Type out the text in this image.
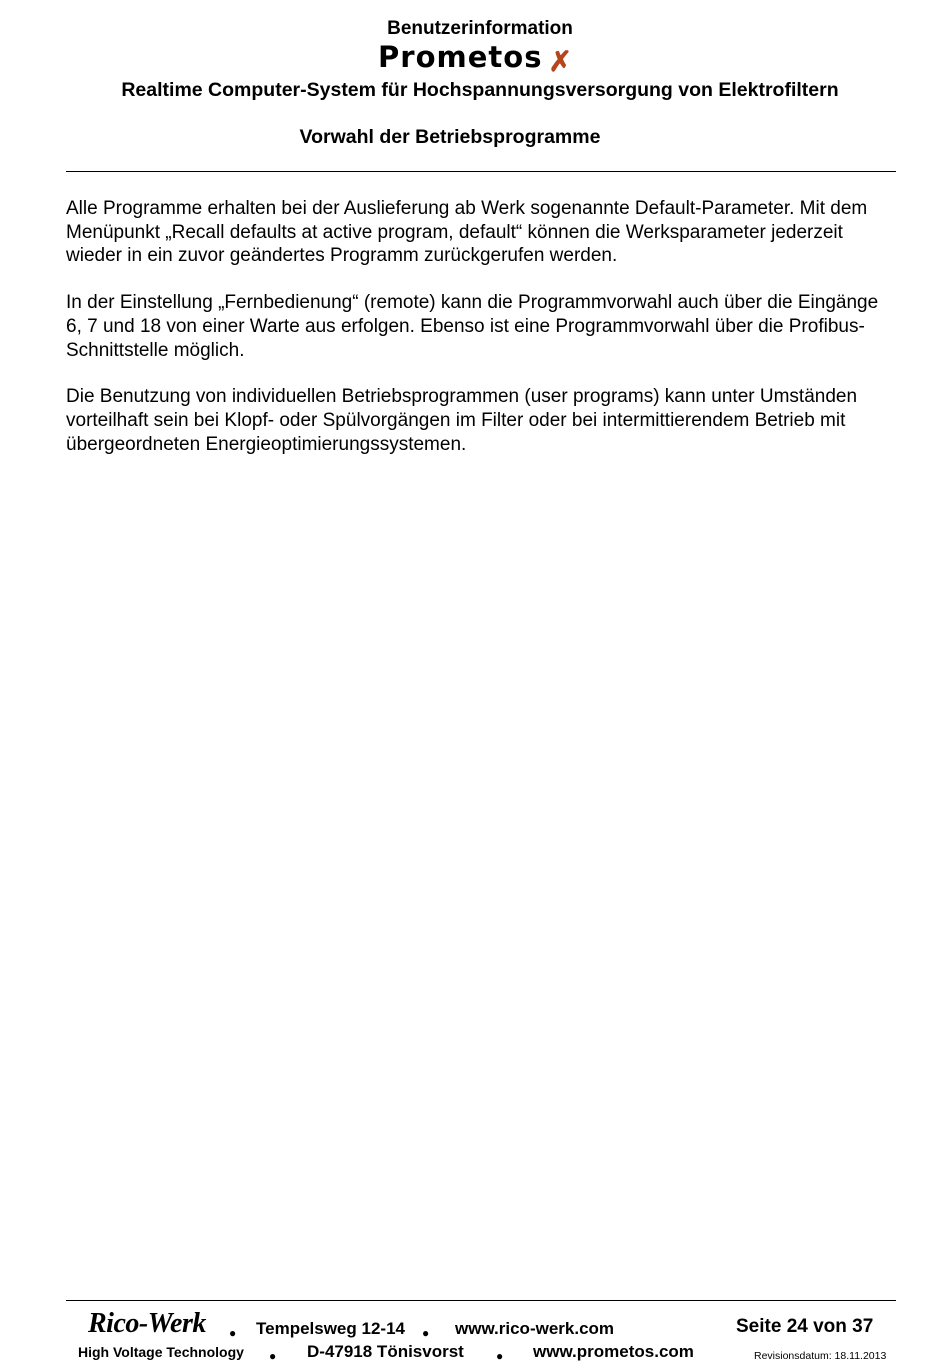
Benutzerinformation
Prometos ✗
Realtime Computer-System für Hochspannungsversorgung von Elektrofiltern
Vorwahl der Betriebsprogramme

Alle Programme erhalten bei der Auslieferung ab Werk sogenannte Default-Parameter. Mit dem Menüpunkt „Recall defaults at active program, default“ können die Werksparameter jederzeit wieder in ein zuvor geändertes Programm zurückgerufen werden.

In der Einstellung „Fernbedienung“ (remote) kann die Programmvorwahl auch über die Eingänge 6, 7 und 18 von einer Warte aus erfolgen. Ebenso ist eine Programmvorwahl über die Profibus-Schnittstelle möglich.

Die Benutzung von individuellen Betriebsprogrammen (user programs) kann unter Umständen vorteilhaft sein bei Klopf- oder Spülvorgängen im Filter oder bei intermittierendem Betrieb mit übergeordneten Energieoptimierungssystemen.

Rico-Werk ● Tempelsweg 12-14 ● www.rico-werk.com	Seite 24 von 37
High Voltage Technology ● D-47918 Tönisvorst	● www.prometos.com	Revisionsdatum: 18.11.2013
